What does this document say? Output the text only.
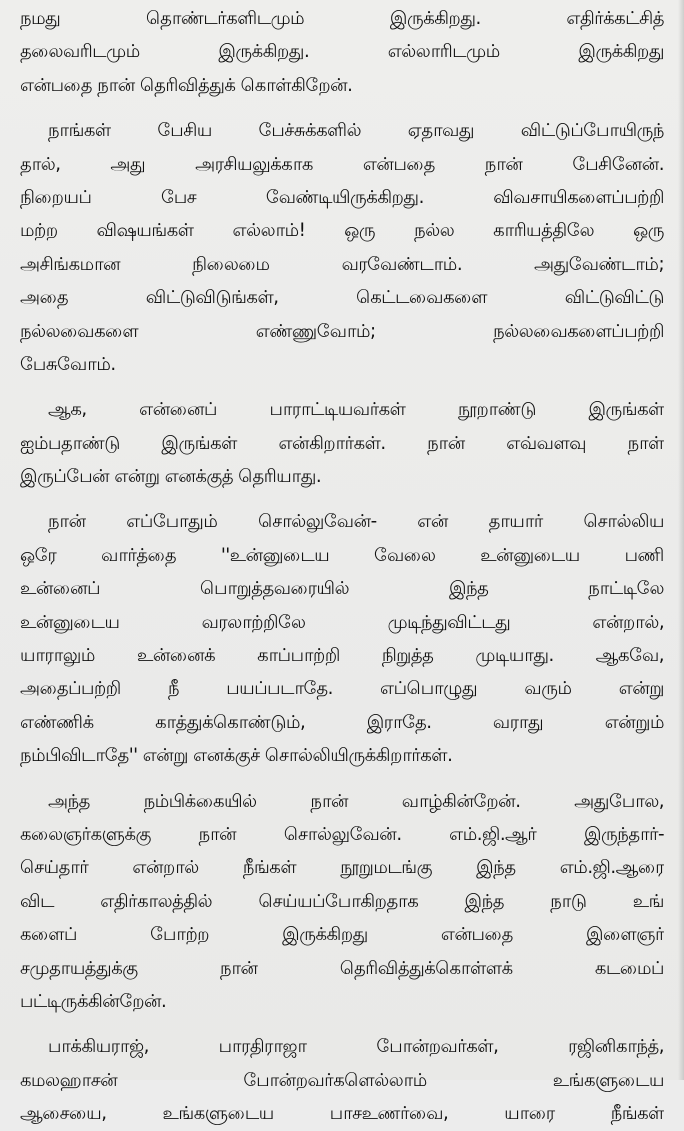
நமது தொண்டர்களிடமும் இருக்கிறது. எதிர்க்கட்சித்
தலைவரிடமும் இருக்கிறது. எல்லாரிடமும் இருக்கிறது
என்பதை நான் தெரிவித்துக் கொள்கிறேன்.
நாங்கள் பேசிய பேச்சுக்களில் ஏதாவது விட்டுப்போயிருந்
தால், அது அரசியலுக்காக என்பதை நான் பேசினேன்.
நிறையப் பேச வேண்டியிருக்கிறது. விவசாயிகளைப்பற்றி
மற்ற விஷயங்கள் எல்லாம்! ஒரு நல்ல காரியத்திலே ஒரு
அசிங்கமான நிலைமை வரவேண்டாம். அதுவேண்டாம்;
அதை விட்டுவிடுங்கள், கெட்டவைகளை விட்டுவிட்டு
நல்லவைகளை எண்ணுவோம்; நல்லவைகளைப்பற்றி
பேசுவோம்.
ஆக, என்னைப் பாராட்டியவர்கள் நூறாண்டு இருங்கள்
ஐம்பதாண்டு இருங்கள் என்கிறார்கள். நான் எவ்வளவு நாள்
இருப்பேன் என்று எனக்குத் தெரியாது.
நான் எப்போதும் சொல்லுவேன்- என் தாயார் சொல்லிய
ஒரே வார்த்தை ''உன்னுடைய வேலை உன்னுடைய பணி
உன்னைப் பொறுத்தவரையில் இந்த நாட்டிலே
உன்னுடைய வரலாற்றிலே முடிந்துவிட்டது என்றால்,
யாராலும் உன்னைக் காப்பாற்றி நிறுத்த முடியாது. ஆகவே,
அதைப்பற்றி நீ பயப்படாதே. எப்பொழுது வரும் என்று
எண்ணிக் காத்துக்கொண்டும், இராதே. வராது என்றும்
நம்பிவிடாதே'' என்று எனக்குச் சொல்லியிருக்கிறார்கள்.
அந்த நம்பிக்கையில் நான் வாழ்கின்றேன். அதுபோல,
கலைஞர்களுக்கு நான் சொல்லுவேன். எம்.ஜி.ஆர் இருந்தார்-
செய்தார் என்றால் நீங்கள் நூறுமடங்கு இந்த எம்.ஜி.ஆரை
விட எதிர்காலத்தில் செய்யப்போகிறதாக இந்த நாடு உங்
களைப் போற்ற இருக்கிறது என்பதை இளைஞர்
சமுதாயத்துக்கு நான் தெரிவித்துக்கொள்ளக் கடமைப்
பட்டிருக்கின்றேன்.
பாக்கியராஜ், பாரதிராஜா போன்றவர்கள், ரஜினிகாந்த்,
கமலஹாசன் போன்றவர்களெல்லாம் உங்களுடைய
ஆசையை, உங்களுடைய பாசஉணர்வை, யாரை நீங்கள்
